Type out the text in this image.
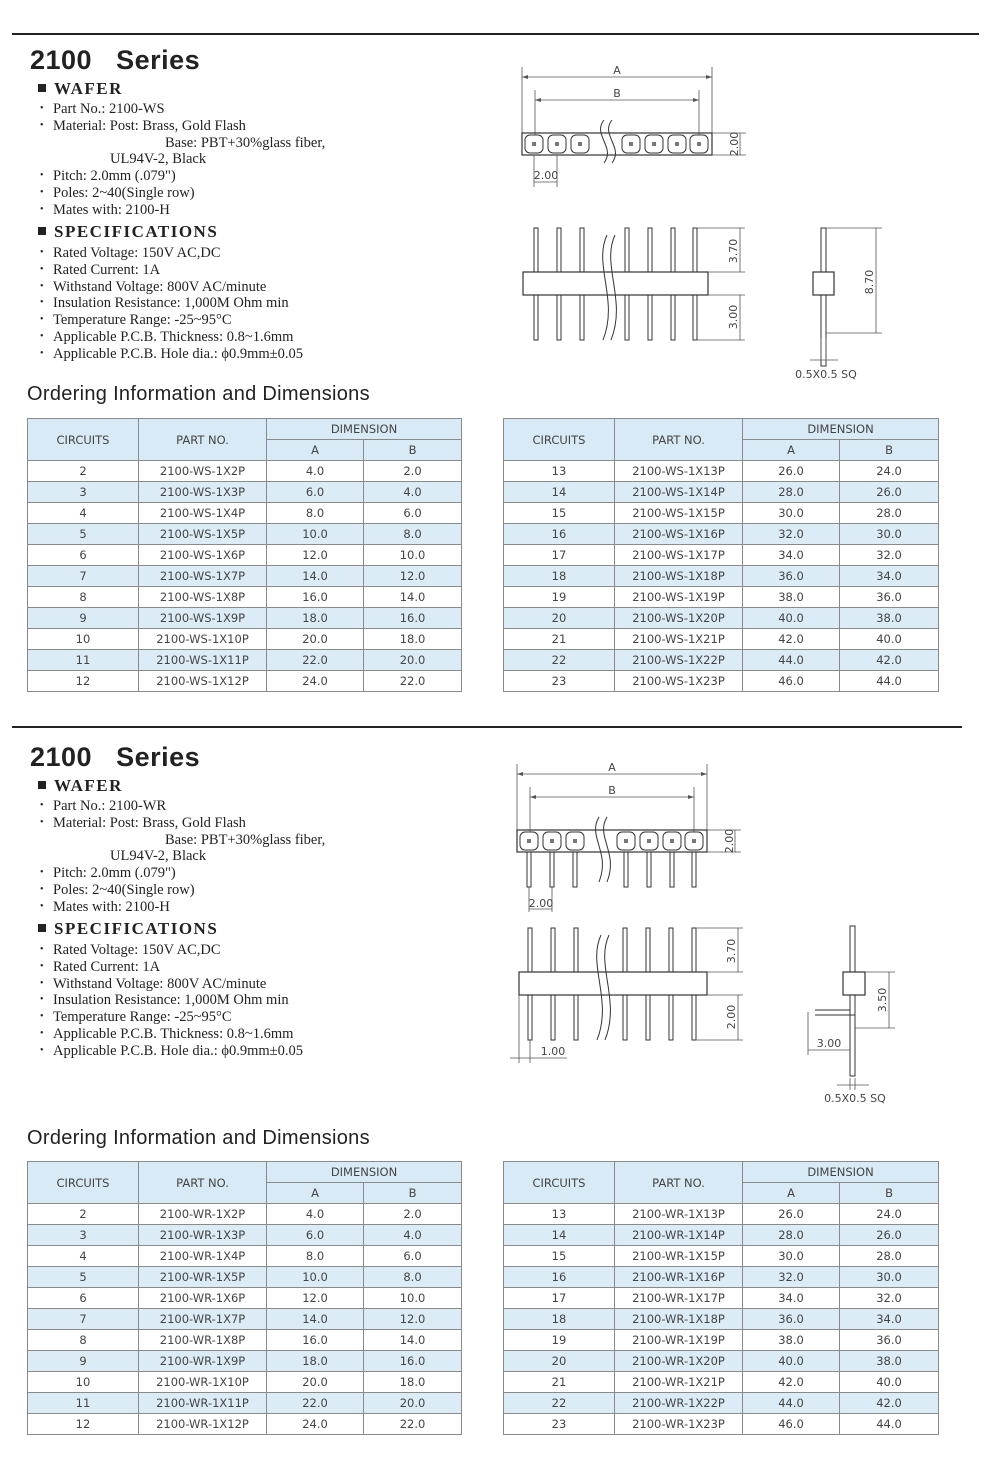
2100 Series
WAFER
• Part No.: 2100-WS
• Material: Post: Brass, Gold Flash
Base: PBT+30%glass fiber,
UL94V-2, Black
• Pitch: 2.0mm (.079")
• Poles: 2~40(Single row)
• Mates with: 2100-H
SPECIFICATIONS
• Rated Voltage: 150V AC,DC
• Rated Current: 1A
• Withstand Voltage: 800V AC/minute
• Insulation Resistance: 1,000M Ohm min
• Temperature Range: -25~95°C
• Applicable P.C.B. Thickness: 0.8~1.6mm
• Applicable P.C.B. Hole dia.: ϕ0.9mm±0.05
A
B
2.00
2.00
3.70
3.00
8.70
0.5X0.5 SQ
Ordering Information and Dimensions
CIRCUITS	PART NO.	DIMENSION	
		A	B
2	2100-WS-1X2P	4.0	2.0
3	2100-WS-1X3P	6.0	4.0
4	2100-WS-1X4P	8.0	6.0
5	2100-WS-1X5P	10.0	8.0
6	2100-WS-1X6P	12.0	10.0
7	2100-WS-1X7P	14.0	12.0
8	2100-WS-1X8P	16.0	14.0
9	2100-WS-1X9P	18.0	16.0
10	2100-WS-1X10P	20.0	18.0
11	2100-WS-1X11P	22.0	20.0
12	2100-WS-1X12P	24.0	22.0
CIRCUITS	PART NO.	DIMENSION	
		A	B
13	2100-WS-1X13P	26.0	24.0
14	2100-WS-1X14P	28.0	26.0
15	2100-WS-1X15P	30.0	28.0
16	2100-WS-1X16P	32.0	30.0
17	2100-WS-1X17P	34.0	32.0
18	2100-WS-1X18P	36.0	34.0
19	2100-WS-1X19P	38.0	36.0
20	2100-WS-1X20P	40.0	38.0
21	2100-WS-1X21P	42.0	40.0
22	2100-WS-1X22P	44.0	42.0
23	2100-WS-1X23P	46.0	44.0
2100 Series
WAFER
• Part No.: 2100-WR
• Material: Post: Brass, Gold Flash
Base: PBT+30%glass fiber,
UL94V-2, Black
• Pitch: 2.0mm (.079")
• Poles: 2~40(Single row)
• Mates with: 2100-H
SPECIFICATIONS
• Rated Voltage: 150V AC,DC
• Rated Current: 1A
• Withstand Voltage: 800V AC/minute
• Insulation Resistance: 1,000M Ohm min
• Temperature Range: -25~95°C
• Applicable P.C.B. Thickness: 0.8~1.6mm
• Applicable P.C.B. Hole dia.: ϕ0.9mm±0.05
A
B
2.00
2.00
3.70
2.00
1.00
3.50
3.00
0.5X0.5 SQ
Ordering Information and Dimensions
CIRCUITS	PART NO.	DIMENSION	
		A	B
2	2100-WR-1X2P	4.0	2.0
3	2100-WR-1X3P	6.0	4.0
4	2100-WR-1X4P	8.0	6.0
5	2100-WR-1X5P	10.0	8.0
6	2100-WR-1X6P	12.0	10.0
7	2100-WR-1X7P	14.0	12.0
8	2100-WR-1X8P	16.0	14.0
9	2100-WR-1X9P	18.0	16.0
10	2100-WR-1X10P	20.0	18.0
11	2100-WR-1X11P	22.0	20.0
12	2100-WR-1X12P	24.0	22.0
CIRCUITS	PART NO.	DIMENSION	
		A	B
13	2100-WR-1X13P	26.0	24.0
14	2100-WR-1X14P	28.0	26.0
15	2100-WR-1X15P	30.0	28.0
16	2100-WR-1X16P	32.0	30.0
17	2100-WR-1X17P	34.0	32.0
18	2100-WR-1X18P	36.0	34.0
19	2100-WR-1X19P	38.0	36.0
20	2100-WR-1X20P	40.0	38.0
21	2100-WR-1X21P	42.0	40.0
22	2100-WR-1X22P	44.0	42.0
23	2100-WR-1X23P	46.0	44.0
